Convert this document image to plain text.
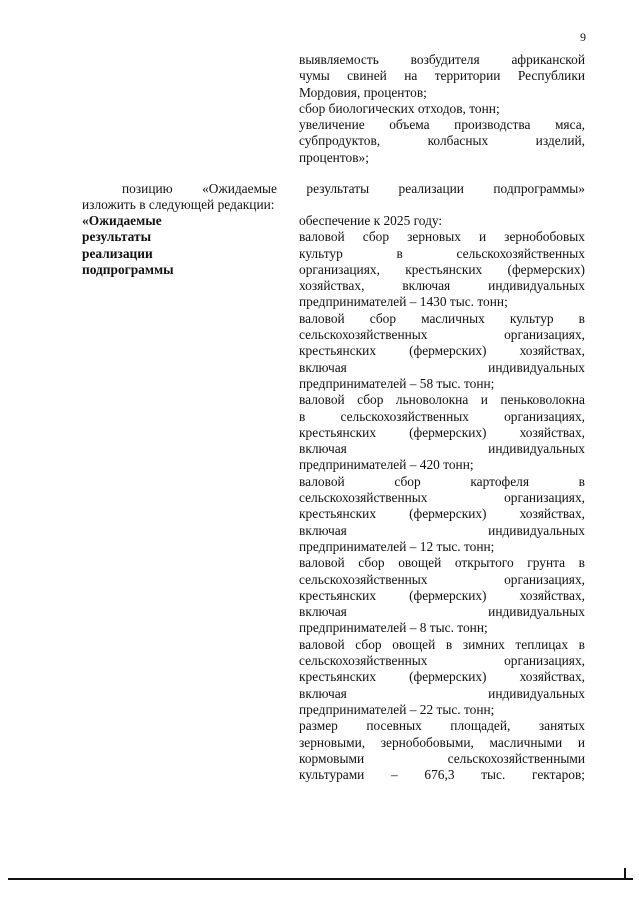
9
выявляемость возбудителя африканской
чумы свиней на территории Республики
Мордовия, процентов;
сбор биологических отходов, тонн;
увеличение объема производства мяса,
субпродуктов, колбасных изделий,
процентов»;
позицию «Ожидаемые результаты реализации подпрограммы»
изложить в следующей редакции:
«Ожидаемые
результаты
реализации
подпрограммы
обеспечение к 2025 году:
валовой сбор зерновых и зернобобовых
культур в сельскохозяйственных
организациях, крестьянских (фермерских)
хозяйствах, включая индивидуальных
предпринимателей – 1430 тыс. тонн;
валовой сбор масличных культур в
сельскохозяйственных организациях,
крестьянских (фермерских) хозяйствах,
включая индивидуальных
предпринимателей – 58 тыс. тонн;
валовой сбор льноволокна и пеньковолокна
в сельскохозяйственных организациях,
крестьянских (фермерских) хозяйствах,
включая индивидуальных
предпринимателей – 420 тонн;
валовой сбор картофеля в
сельскохозяйственных организациях,
крестьянских (фермерских) хозяйствах,
включая индивидуальных
предпринимателей – 12 тыс. тонн;
валовой сбор овощей открытого грунта в
сельскохозяйственных организациях,
крестьянских (фермерских) хозяйствах,
включая индивидуальных
предпринимателей – 8 тыс. тонн;
валовой сбор овощей в зимних теплицах в
сельскохозяйственных организациях,
крестьянских (фермерских) хозяйствах,
включая индивидуальных
предпринимателей – 22 тыс. тонн;
размер посевных площадей, занятых
зерновыми, зернобобовыми, масличными и
кормовыми сельскохозяйственными
культурами – 676,3 тыс. гектаров;
